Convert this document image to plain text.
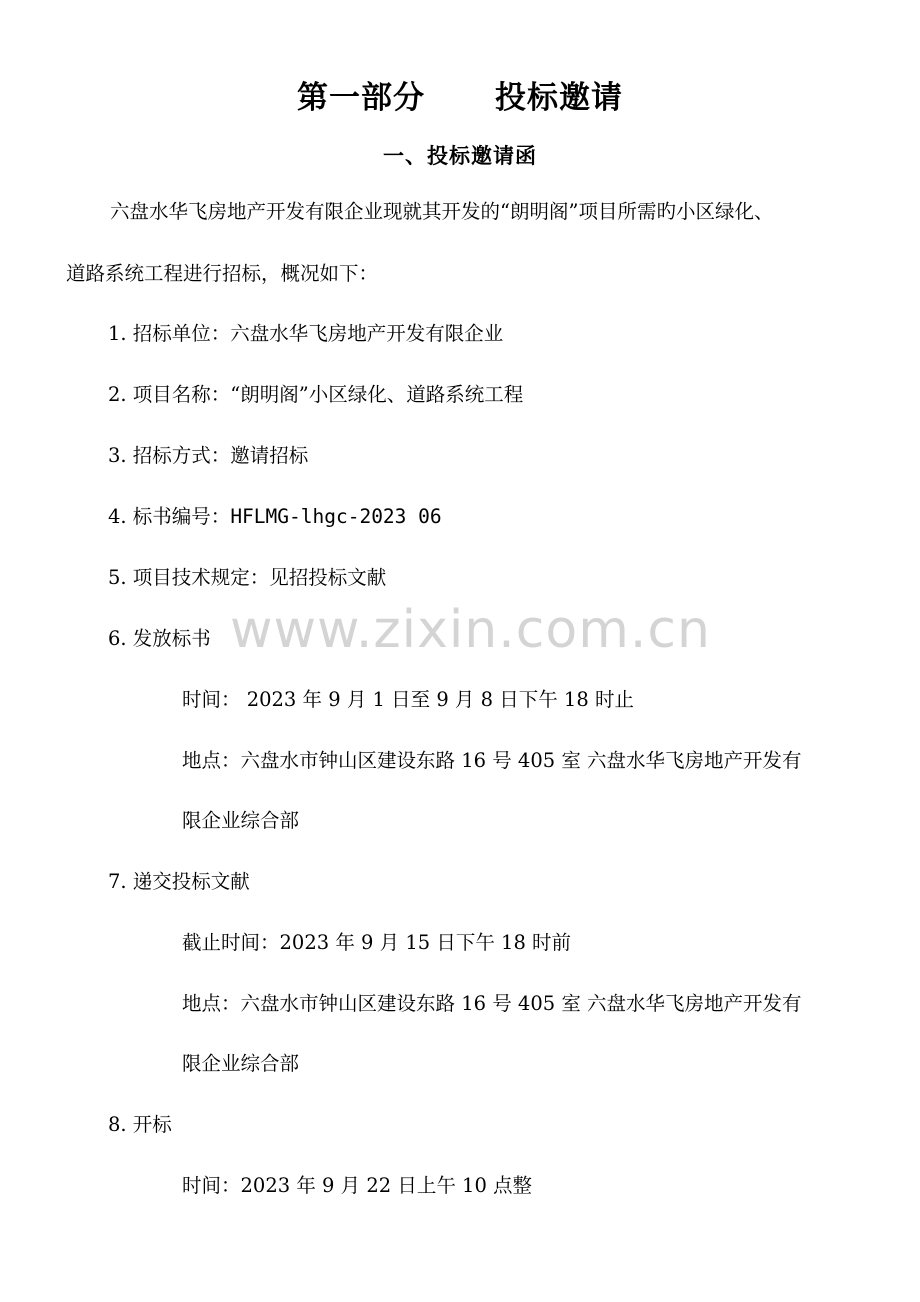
第一部分 投标邀请
一、投标邀请函
六盘水华飞房地产开发有限企业现就其开发的“朗明阁”项目所需旳小区绿化、
道路系统工程进行招标，概况如下：
1. 招标单位：六盘水华飞房地产开发有限企业
2. 项目名称：“朗明阁”小区绿化、道路系统工程
3. 招标方式：邀请招标
4. 标书编号：HFLMG-lhgc-2023 06
5. 项目技术规定：见招投标文献
6. 发放标书
时间： 2023 年 9 月 1 日至 9 月 8 日下午 18 时止
地点：六盘水市钟山区建设东路 16 号 405 室 六盘水华飞房地产开发有
限企业综合部
7. 递交投标文献
截止时间：2023 年 9 月 15 日下午 18 时前
地点：六盘水市钟山区建设东路 16 号 405 室 六盘水华飞房地产开发有
限企业综合部
8. 开标
时间：2023 年 9 月 22 日上午 10 点整
www.zixin.com.cn
